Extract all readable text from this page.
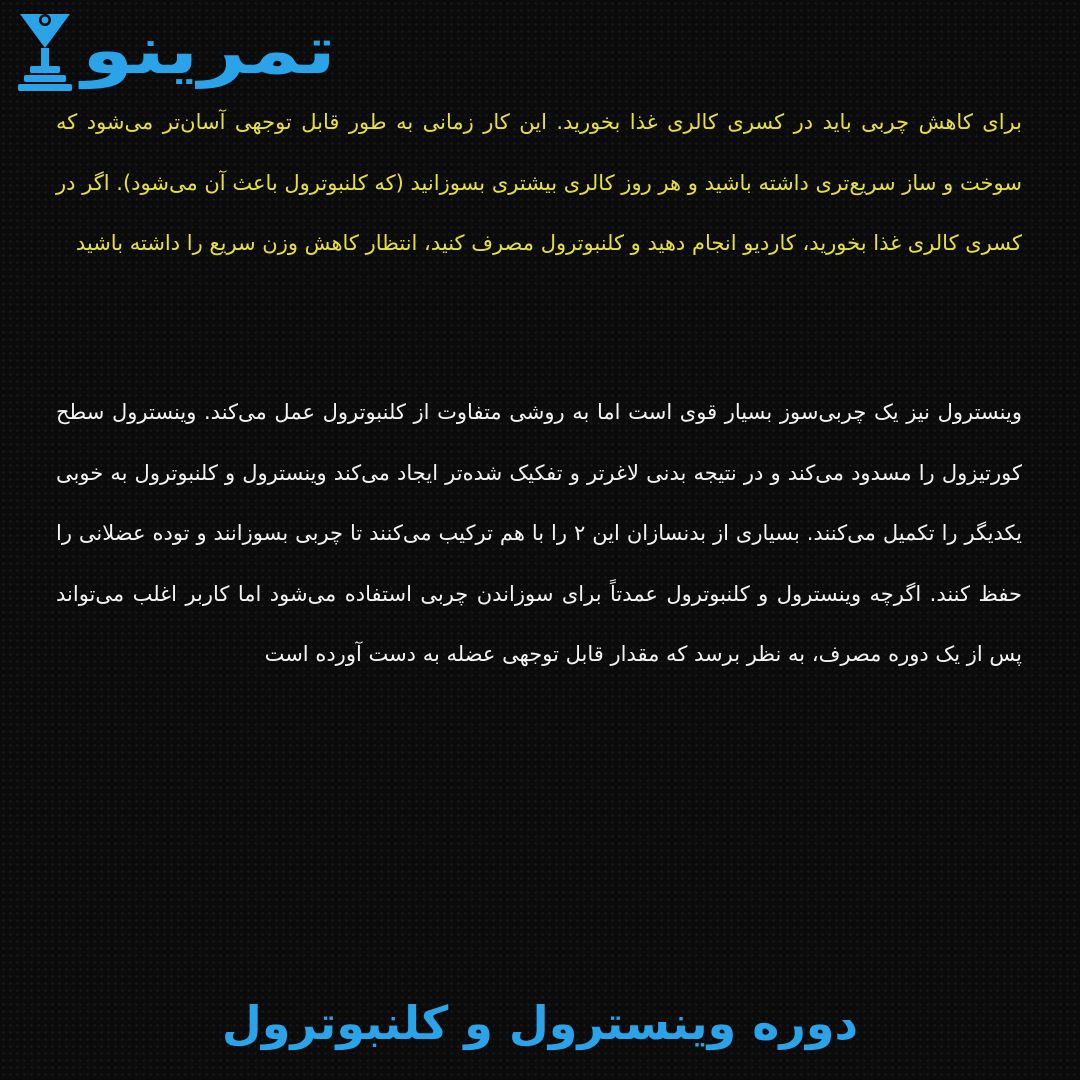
تمرینو

برای کاهش چربی باید در کسری کالری غذا بخورید. این کار زمانی به طور قابل توجهی آسان‌تر می‌شود که سوخت و ساز سریع‌تری داشته باشید و هر روز کالری بیشتری بسوزانید (که کلنبوترول باعث آن می‌شود). اگر در کسری کالری غذا بخورید، کاردیو انجام دهید و کلنبوترول مصرف کنید، انتظار کاهش وزن سریع را داشته باشید

وینسترول نیز یک چربی‌سوز بسیار قوی است اما به روشی متفاوت از کلنبوترول عمل می‌کند. وینسترول سطح کورتیزول را مسدود می‌کند و در نتیجه بدنی لاغرتر و تفکیک شده‌تر ایجاد می‌کند وینسترول و کلنبوترول به خوبی یکدیگر را تکمیل می‌کنند. بسیاری از بدنسازان این ۲ را با هم ترکیب می‌کنند تا چربی بسوزانند و توده عضلانی را حفظ کنند. اگرچه وینسترول و کلنبوترول عمدتاً برای سوزاندن چربی استفاده می‌شود اما کاربر اغلب می‌تواند پس از یک دوره مصرف، به نظر برسد که مقدار قابل توجهی عضله به دست آورده است

دوره وینسترول و کلنبوترول
